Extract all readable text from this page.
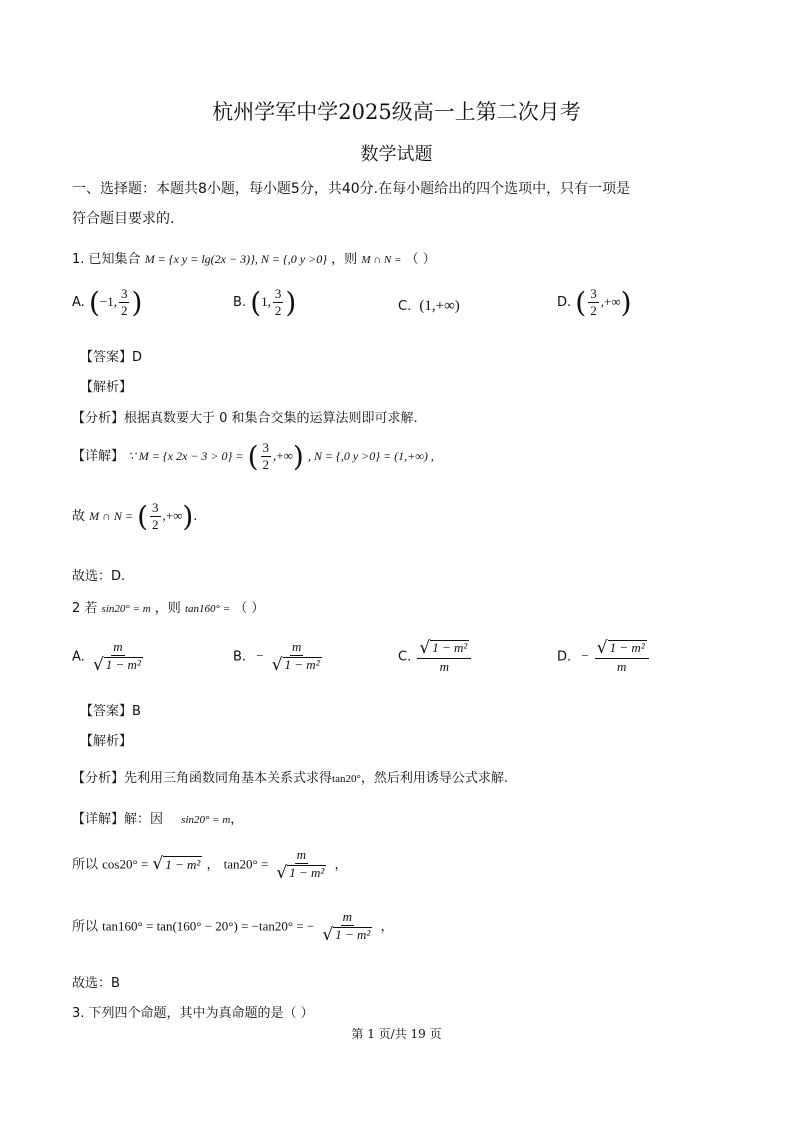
杭州学军中学2025级高一上第二次月考
数学试题
一、选择题：本题共8小题，每小题5分，共40分.在每小题给出的四个选项中，只有一项是
符合题目要求的.
1. 已知集合 M = {x y = lg(2x − 3)}, N = {,0 y >0} ，则 M ∩ N = （ ）
A. (−1, $\frac{3}{2}$ )	B. (1, $\frac{3}{2}$ )	C. (1,+∞)	D. ( $\frac{3}{2}$ ,+∞)
【答案】D
【解析】
【分析】根据真数要大于 0 和集合交集的运算法则即可求解.
【详解】 ∵ M = {x 2x − 3 > 0} = ( $\frac{3}{2}$ ,+∞) , N = {,0 y >0} = (1,+∞) ,
故 M ∩ N = ( $\frac{3}{2}$ ,+∞).
故选：D.
2 若 sin20° = m ，则 tan160° = （ ）
A. $\frac{m}{\text{√ 1 − m²}}$	B. − $\frac{m}{\text{√ 1 − m²}}$	C. $\frac{\text{√ 1 − m²}}{m}$	D. − $\frac{\text{√ 1 − m²}}{m}$
【答案】B
【解析】
【分析】先利用三角函数同角基本关系式求得tan20°，然后利用诱导公式求解.
【详解】解：因 sin20° = m，
所以 cos20° = √ 1 − m² ， $\tan 20^\circ = \frac{m}{\text{√ 1 − m²}}$ ，
所以 tan160° = tan(160° − 20°) = −tan20° = − $\frac{m}{\text{√ 1 − m²}}$ ，
故选：B
3. 下列四个命题，其中为真命题的是（ ）
第 1 页/共 19 页
